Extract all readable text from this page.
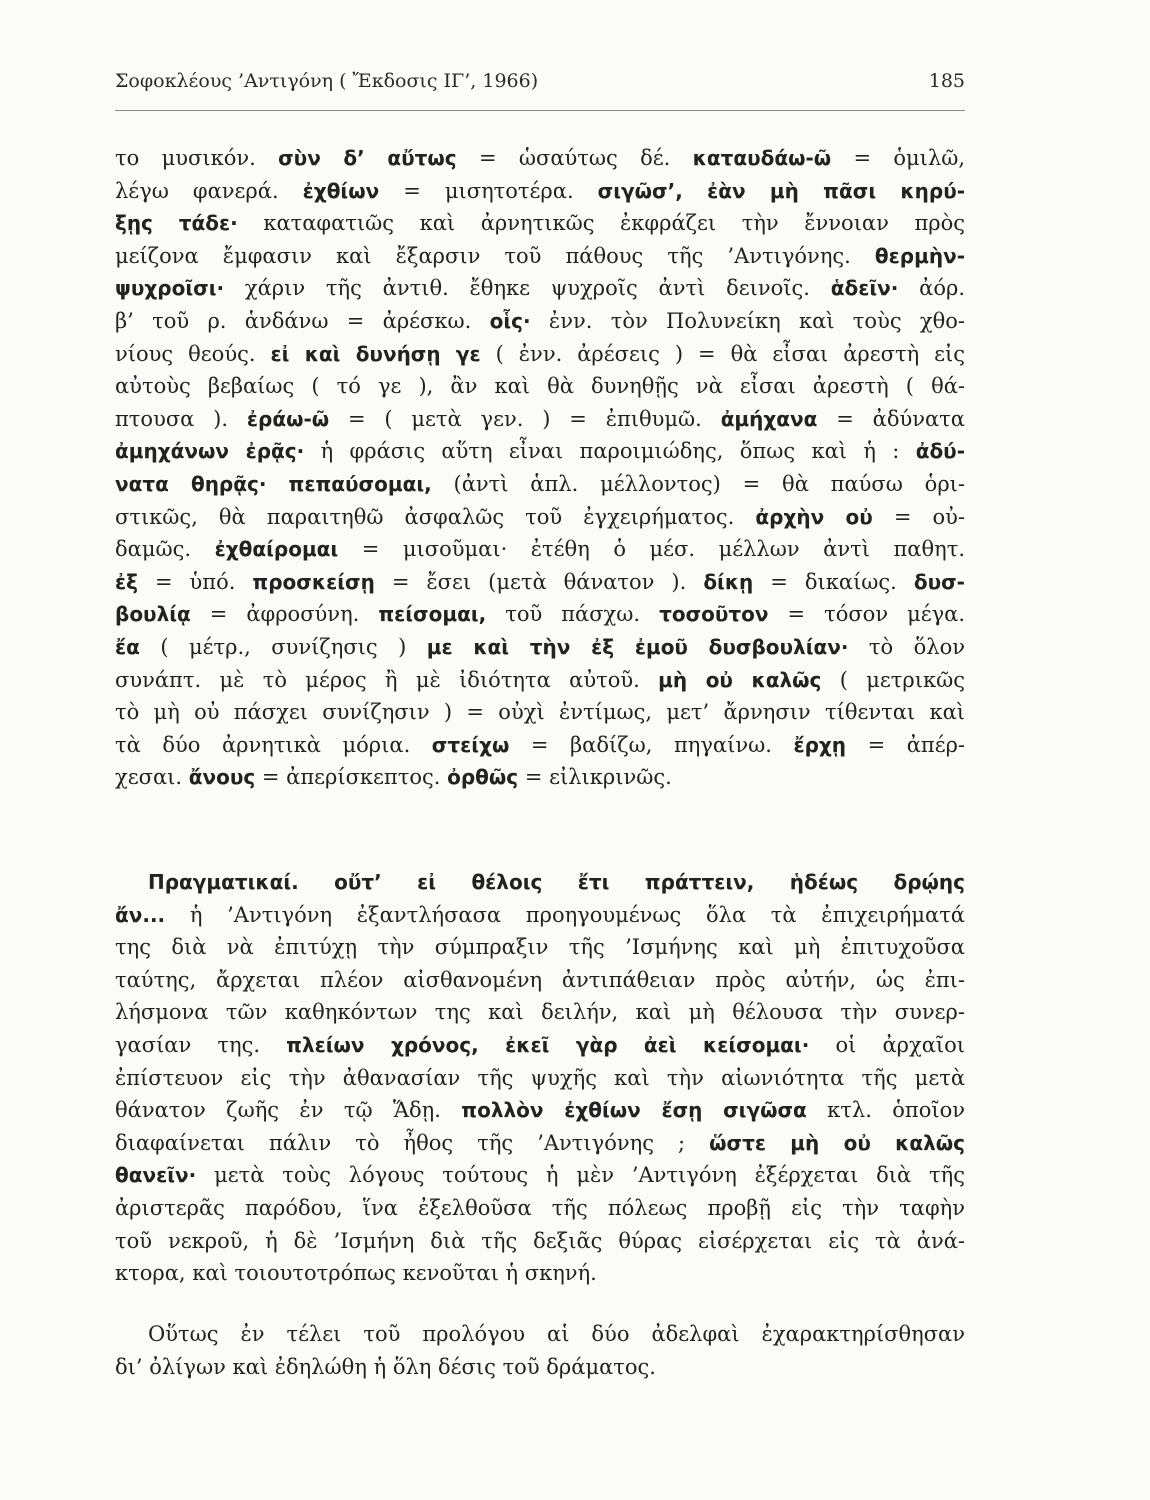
Σοφοκλέους ’Αντιγόνη ( Ἔκδοσις ΙΓ’, 1966)	185
το μυσικόν. σὺν δ’ αὔτως = ὡσαύτως δέ. καταυδάω-ῶ = ὁμιλῶ,
λέγω φανερά. ἐχθίων = μισητοτέρα. σιγῶσ’, ἐὰν μὴ πᾶσι κηρύ-
ξῃς τάδε· καταφατιῶς καὶ ἀρνητικῶς ἐκφράζει τὴν ἔννοιαν πρὸς
μείζονα ἔμφασιν καὶ ἔξαρσιν τοῦ πάθους τῆς ’Αντιγόνης. θερμὴν-
ψυχροῖσι· χάριν τῆς ἀντιθ. ἔθηκε ψυχροῖς ἀντὶ δεινοῖς. ἁδεῖν· ἀόρ.
β’ τοῦ ρ. ἁνδάνω = ἀρέσκω. οἷς· ἐνν. τὸν Πολυνείκη καὶ τοὺς χθο-
νίους θεούς. εἰ καὶ δυνήσῃ γε ( ἐνν. ἀρέσεις ) = θὰ εἶσαι ἀρεστὴ εἰς
αὐτοὺς βεβαίως ( τό γε ), ἂν καὶ θὰ δυνηθῇς νὰ εἶσαι ἀρεστὴ ( θά-
πτουσα ). ἐράω-ῶ = ( μετὰ γεν. ) = ἐπιθυμῶ. ἀμήχανα = ἀδύνατα
ἀμηχάνων ἐρᾷς· ἡ φράσις αὕτη εἶναι παροιμιώδης, ὅπως καὶ ἡ : ἀδύ-
νατα θηρᾷς· πεπαύσομαι, (ἀντὶ ἁπλ. μέλλοντος) = θὰ παύσω ὁρι-
στικῶς, θὰ παραιτηθῶ ἀσφαλῶς τοῦ ἐγχειρήματος. ἀρχὴν οὐ = οὐ-
δαμῶς. ἐχθαίρομαι = μισοῦμαι· ἐτέθη ὁ μέσ. μέλλων ἀντὶ παθητ.
ἐξ = ὑπό. προσκείσῃ = ἔσει (μετὰ θάνατον ). δίκῃ = δικαίως. δυσ-
βουλίᾳ = ἀφροσύνη. πείσομαι, τοῦ πάσχω. τοσοῦτον = τόσον μέγα.
ἔα ( μέτρ., συνίζησις ) με καὶ τὴν ἐξ ἐμοῦ δυσβουλίαν· τὸ ὅλον
συνάπτ. μὲ τὸ μέρος ἢ μὲ ἰδιότητα αὐτοῦ. μὴ οὐ καλῶς ( μετρικῶς
τὸ μὴ οὐ πάσχει συνίζησιν ) = οὐχὶ ἐντίμως, μετ’ ἄρνησιν τίθενται καὶ
τὰ δύο ἀρνητικὰ μόρια. στείχω = βαδίζω, πηγαίνω. ἔρχῃ = ἀπέρ-
χεσαι. ἄνους = ἀπερίσκεπτος. ὀρθῶς = εἰλικρινῶς.
Πραγματικαί. οὔτ’ εἰ θέλοις ἔτι πράττειν, ἡδέως δρῴης
ἄν... ἡ ’Αντιγόνη ἐξαντλήσασα προηγουμένως ὅλα τὰ ἐπιχειρήματά
της διὰ νὰ ἐπιτύχῃ τὴν σύμπραξιν τῆς ’Ισμήνης καὶ μὴ ἐπιτυχοῦσα
ταύτης, ἄρχεται πλέον αἰσθανομένη ἀντιπάθειαν πρὸς αὐτήν, ὡς ἐπι-
λήσμονα τῶν καθηκόντων της καὶ δειλήν, καὶ μὴ θέλουσα τὴν συνερ-
γασίαν της. πλείων χρόνος, ἐκεῖ γὰρ ἀεὶ κείσομαι· οἱ ἀρχαῖοι
ἐπίστευον εἰς τὴν ἀθανασίαν τῆς ψυχῆς καὶ τὴν αἰωνιότητα τῆς μετὰ
θάνατον ζωῆς ἐν τῷ Ἅδῃ. πολλὸν ἐχθίων ἔσῃ σιγῶσα κτλ. ὁποῖον
διαφαίνεται πάλιν τὸ ἦθος τῆς ’Αντιγόνης ; ὥστε μὴ οὐ καλῶς
θανεῖν· μετὰ τοὺς λόγους τούτους ἡ μὲν ’Αντιγόνη ἐξέρχεται διὰ τῆς
ἀριστερᾶς παρόδου, ἵνα ἐξελθοῦσα τῆς πόλεως προβῇ εἰς τὴν ταφὴν
τοῦ νεκροῦ, ἡ δὲ ’Ισμήνη διὰ τῆς δεξιᾶς θύρας εἰσέρχεται εἰς τὰ ἀνά-
κτορα, καὶ τοιουτοτρόπως κενοῦται ἡ σκηνή.
Οὕτως ἐν τέλει τοῦ προλόγου αἱ δύο ἀδελφαὶ ἐχαρακτηρίσθησαν
δι’ ὀλίγων καὶ ἐδηλώθη ἡ ὅλη δέσις τοῦ δράματος.
